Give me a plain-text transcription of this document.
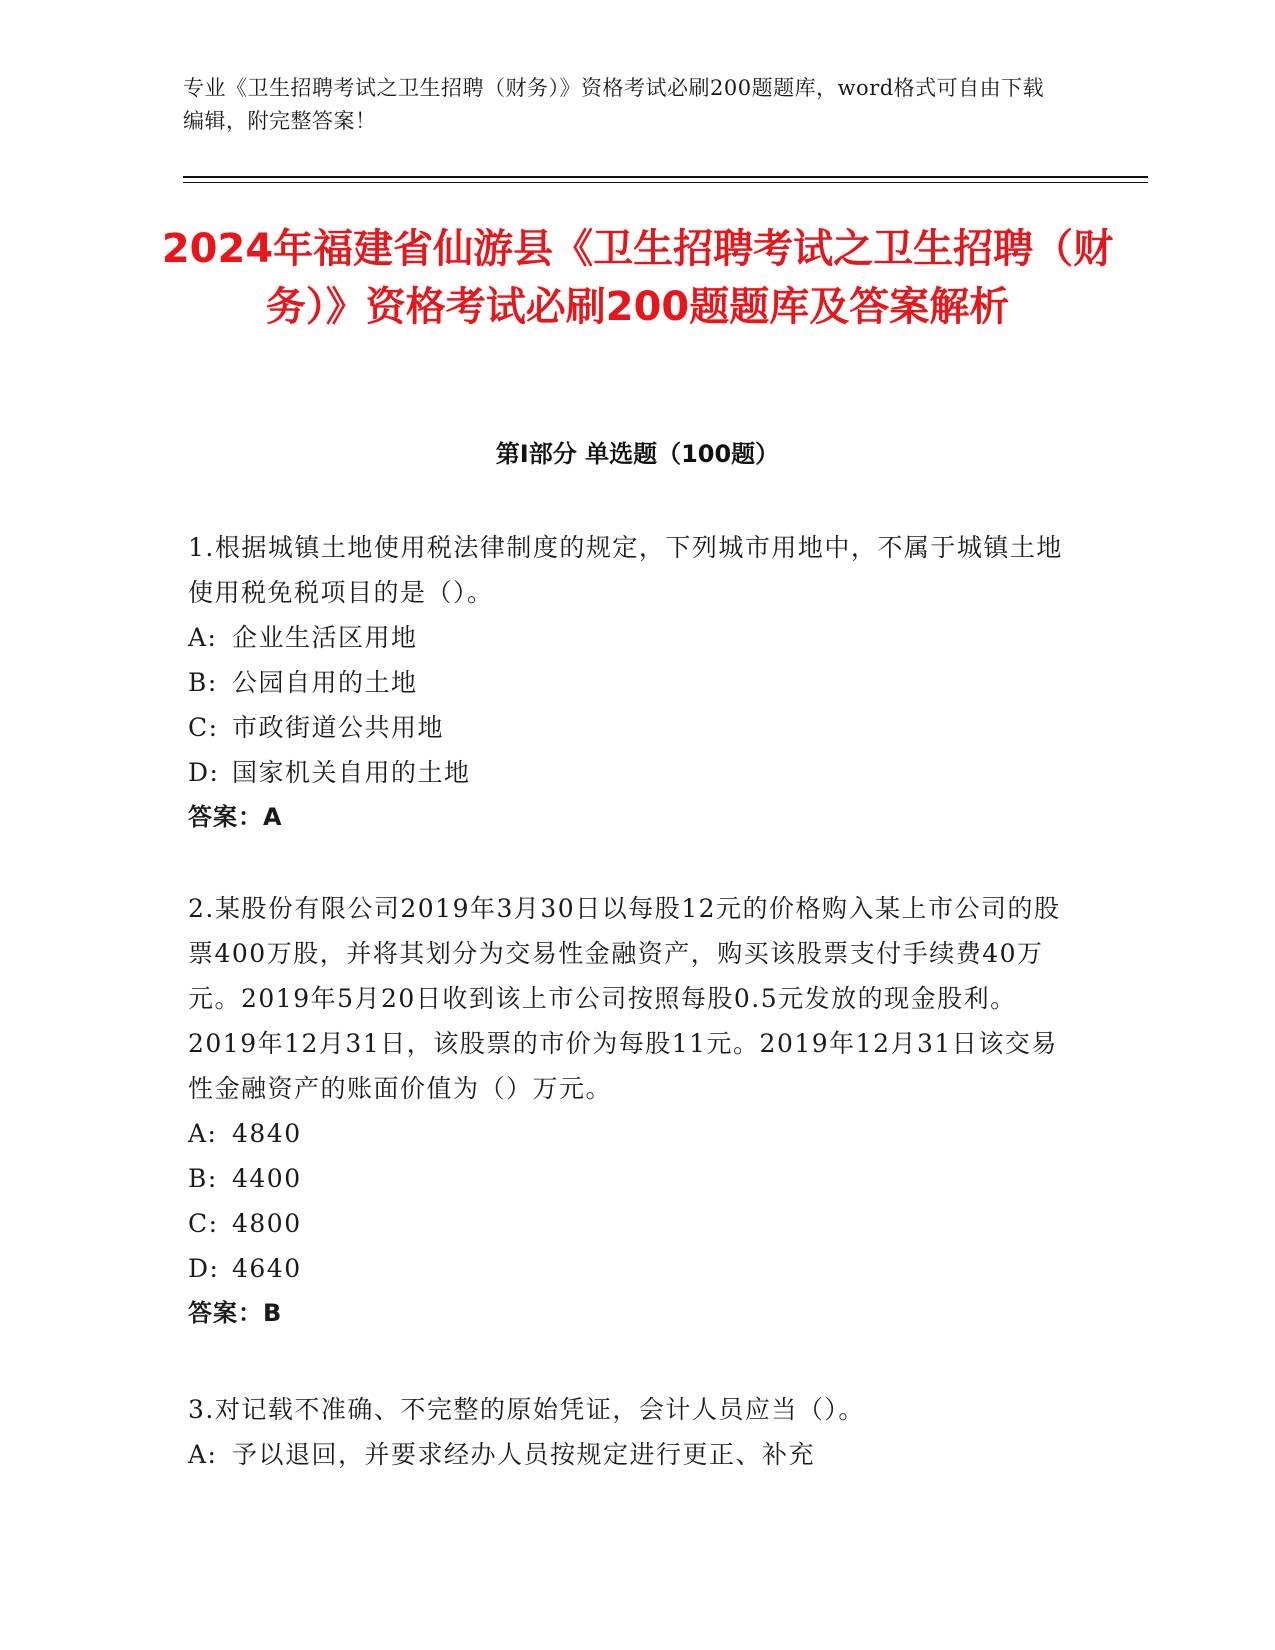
专业《卫生招聘考试之卫生招聘（财务）》资格考试必刷200题题库，word格式可自由下载编辑，附完整答案！
2024年福建省仙游县《卫生招聘考试之卫生招聘（财务）》资格考试必刷200题题库及答案解析
第I部分 单选题（100题）
1.根据城镇土地使用税法律制度的规定，下列城市用地中，不属于城镇土地使用税免税项目的是（）。
A: 企业生活区用地
B: 公园自用的土地
C: 市政街道公共用地
D: 国家机关自用的土地
答案：A
2.某股份有限公司2019年3月30日以每股12元的价格购入某上市公司的股票400万股，并将其划分为交易性金融资产，购买该股票支付手续费40万元。2019年5月20日收到该上市公司按照每股0.5元发放的现金股利。2019年12月31日，该股票的市价为每股11元。2019年12月31日该交易性金融资产的账面价值为（）万元。
A: 4840
B: 4400
C: 4800
D: 4640
答案：B
3.对记载不准确、不完整的原始凭证，会计人员应当（）。
A: 予以退回，并要求经办人员按规定进行更正、补充
